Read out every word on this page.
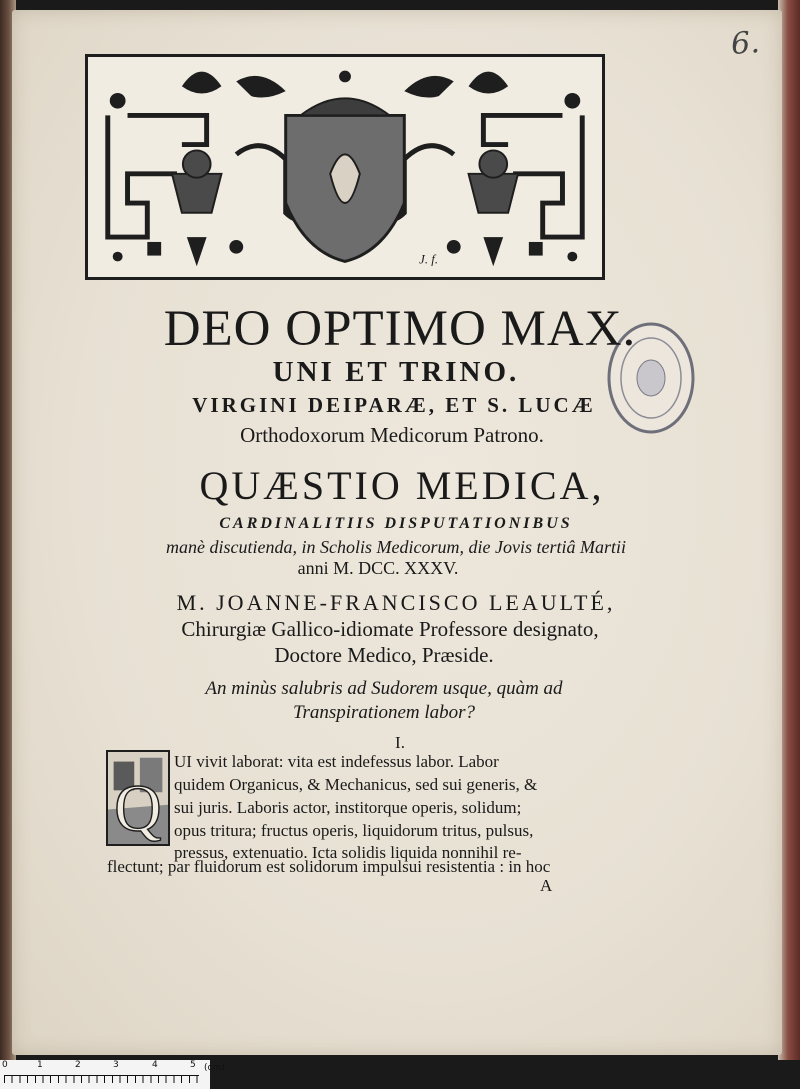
6.
J. f.
DEO OPTIMO MAX.
UNI ET TRINO.
VIRGINI DEIPARÆ, ET S. LUCÆ
Orthodoxorum Medicorum Patrono.
QUÆSTIO MEDICA,
CARDINALITIIS DISPUTATIONIBUS
manè discutienda, in Scholis Medicorum, die Jovis tertiâ Martii
anni M. DCC. XXXV.
M. JOANNE-FRANCISCO LEAULTÉ,
Chirurgiæ Gallico-idiomate Professore designato,
Doctore Medico, Præside.
An minùs salubris ad Sudorem usque, quàm ad
Transpirationem labor?
I.
Q
UI vivit laborat: vita est indefessus labor. Labor
quidem Organicus, & Mechanicus, sed sui generis, &
sui juris. Laboris actor, institorque operis, solidum;
opus tritura; fructus operis, liquidorum tritus, pulsus,
pressus, extenuatio. Icta solidis liquida nonnihil re-
flectunt; par fluidorum est solidorum impulsui resistentia : in hoc
A
0	1	2	3	4	5 (cm)
